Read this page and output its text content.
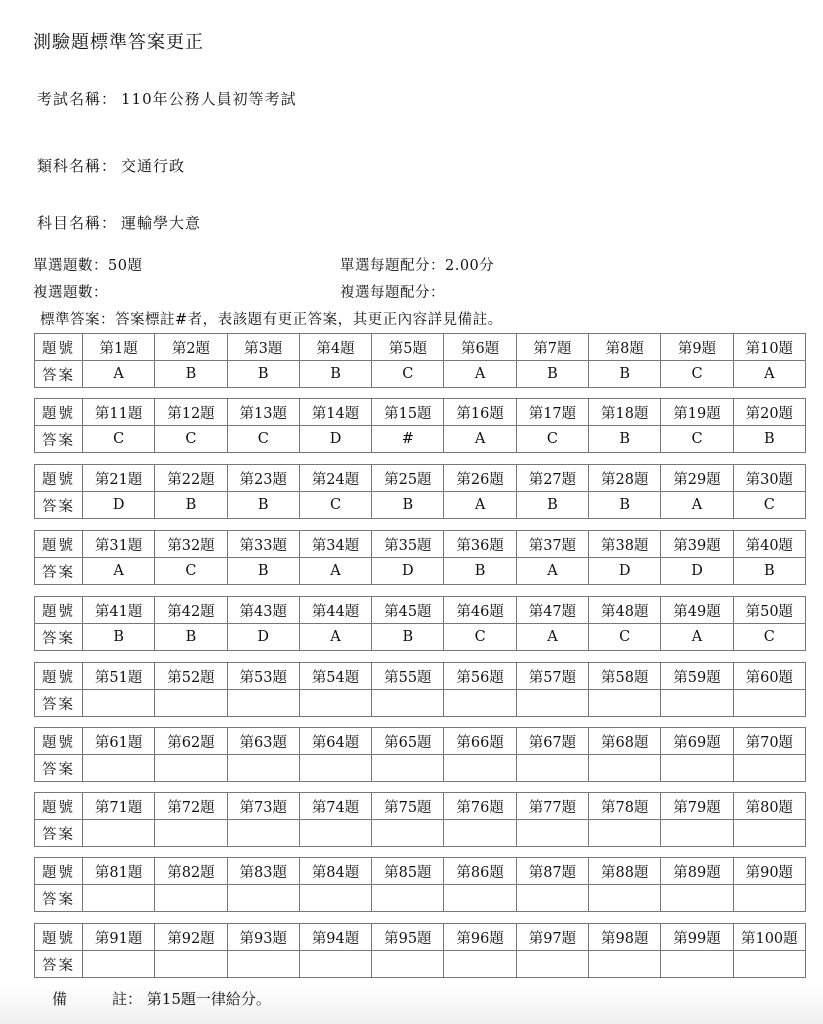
測驗題標準答案更正
考試名稱： 110年公務人員初等考試
類科名稱： 交通行政
科目名稱： 運輸學大意
單選題數：50題	單選每題配分：2.00分
複選題數：	複選每題配分：
標準答案：答案標註#者，表該題有更正答案，其更正內容詳見備註。
題號	第1題	第2題	第3題	第4題	第5題	第6題	第7題	第8題	第9題	第10題
答案	A	B	B	B	C	A	B	B	C	A
題號	第11題	第12題	第13題	第14題	第15題	第16題	第17題	第18題	第19題	第20題
答案	C	C	C	D	#	A	C	B	C	B
題號	第21題	第22題	第23題	第24題	第25題	第26題	第27題	第28題	第29題	第30題
答案	D	B	B	C	B	A	B	B	A	C
題號	第31題	第32題	第33題	第34題	第35題	第36題	第37題	第38題	第39題	第40題
答案	A	C	B	A	D	B	A	D	D	B
題號	第41題	第42題	第43題	第44題	第45題	第46題	第47題	第48題	第49題	第50題
答案	B	B	D	A	B	C	A	C	A	C
題號	第51題	第52題	第53題	第54題	第55題	第56題	第57題	第58題	第59題	第60題
答案										
題號	第61題	第62題	第63題	第64題	第65題	第66題	第67題	第68題	第69題	第70題
答案										
題號	第71題	第72題	第73題	第74題	第75題	第76題	第77題	第78題	第79題	第80題
答案										
題號	第81題	第82題	第83題	第84題	第85題	第86題	第87題	第88題	第89題	第90題
答案										
題號	第91題	第92題	第93題	第94題	第95題	第96題	第97題	第98題	第99題	第100題
答案										
備	註： 第15題一律給分。
